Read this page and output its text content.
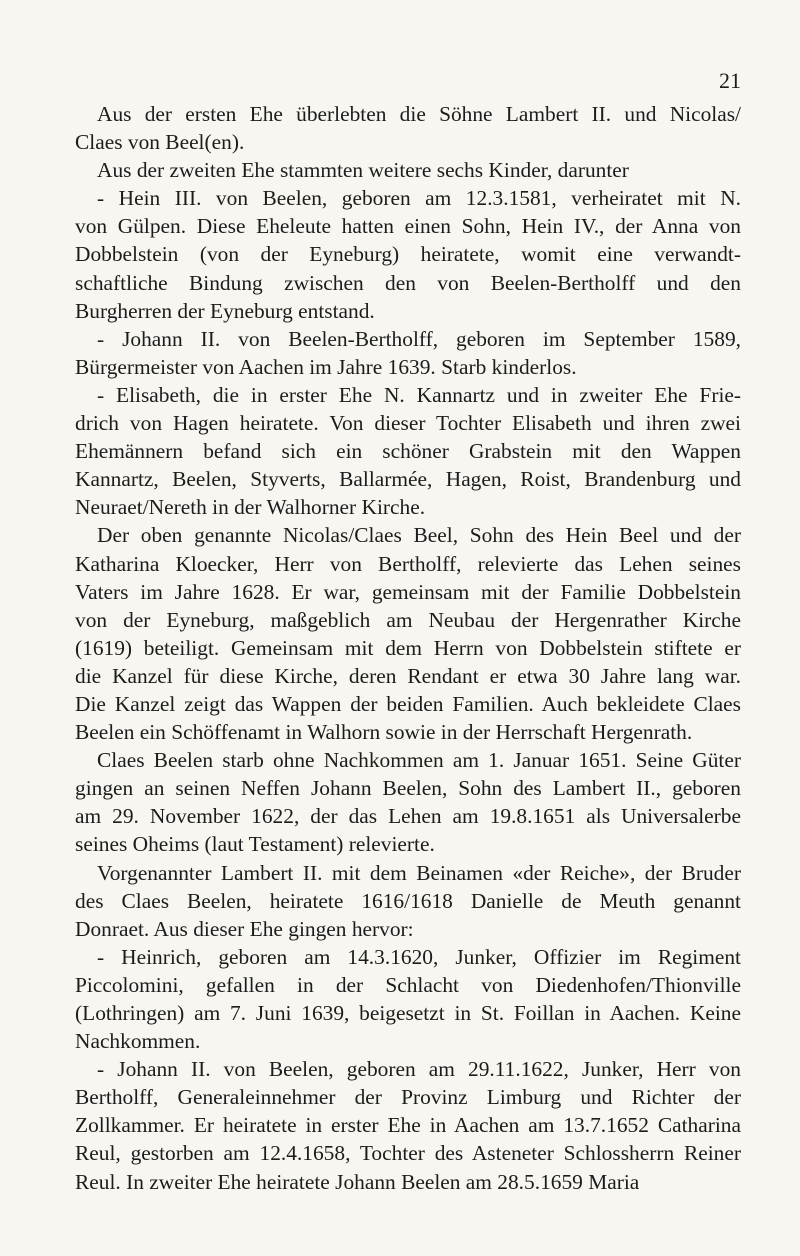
21

Aus der ersten Ehe überlebten die Söhne Lambert II. und Nicolas/
Claes von Beel(en).

Aus der zweiten Ehe stammten weitere sechs Kinder, darunter

- Hein III. von Beelen, geboren am 12.3.1581, verheiratet mit N.
von Gülpen. Diese Eheleute hatten einen Sohn, Hein IV., der Anna von
Dobbelstein (von der Eyneburg) heiratete, womit eine verwandt-
schaftliche Bindung zwischen den von Beelen-Bertholff und den
Burgherren der Eyneburg entstand.

- Johann II. von Beelen-Bertholff, geboren im September 1589,
Bürgermeister von Aachen im Jahre 1639. Starb kinderlos.

- Elisabeth, die in erster Ehe N. Kannartz und in zweiter Ehe Frie-
drich von Hagen heiratete. Von dieser Tochter Elisabeth und ihren zwei
Ehemännern befand sich ein schöner Grabstein mit den Wappen
Kannartz, Beelen, Styverts, Ballarmée, Hagen, Roist, Brandenburg und
Neuraet/Nereth in der Walhorner Kirche.

Der oben genannte Nicolas/Claes Beel, Sohn des Hein Beel und der
Katharina Kloecker, Herr von Bertholff, relevierte das Lehen seines
Vaters im Jahre 1628. Er war, gemeinsam mit der Familie Dobbelstein
von der Eyneburg, maßgeblich am Neubau der Hergenrather Kirche
(1619) beteiligt. Gemeinsam mit dem Herrn von Dobbelstein stiftete er
die Kanzel für diese Kirche, deren Rendant er etwa 30 Jahre lang war.
Die Kanzel zeigt das Wappen der beiden Familien. Auch bekleidete Claes
Beelen ein Schöffenamt in Walhorn sowie in der Herrschaft Hergenrath.

Claes Beelen starb ohne Nachkommen am 1. Januar 1651. Seine Güter
gingen an seinen Neffen Johann Beelen, Sohn des Lambert II., geboren
am 29. November 1622, der das Lehen am 19.8.1651 als Universalerbe
seines Oheims (laut Testament) relevierte.

Vorgenannter Lambert II. mit dem Beinamen «der Reiche», der Bruder
des Claes Beelen, heiratete 1616/1618 Danielle de Meuth genannt
Donraet. Aus dieser Ehe gingen hervor:

- Heinrich, geboren am 14.3.1620, Junker, Offizier im Regiment
Piccolomini, gefallen in der Schlacht von Diedenhofen/Thionville
(Lothringen) am 7. Juni 1639, beigesetzt in St. Foillan in Aachen. Keine
Nachkommen.

- Johann II. von Beelen, geboren am 29.11.1622, Junker, Herr von
Bertholff, Generaleinnehmer der Provinz Limburg und Richter der
Zollkammer. Er heiratete in erster Ehe in Aachen am 13.7.1652 Catharina
Reul, gestorben am 12.4.1658, Tochter des Asteneter Schlossherrn Reiner
Reul. In zweiter Ehe heiratete Johann Beelen am 28.5.1659 Maria
